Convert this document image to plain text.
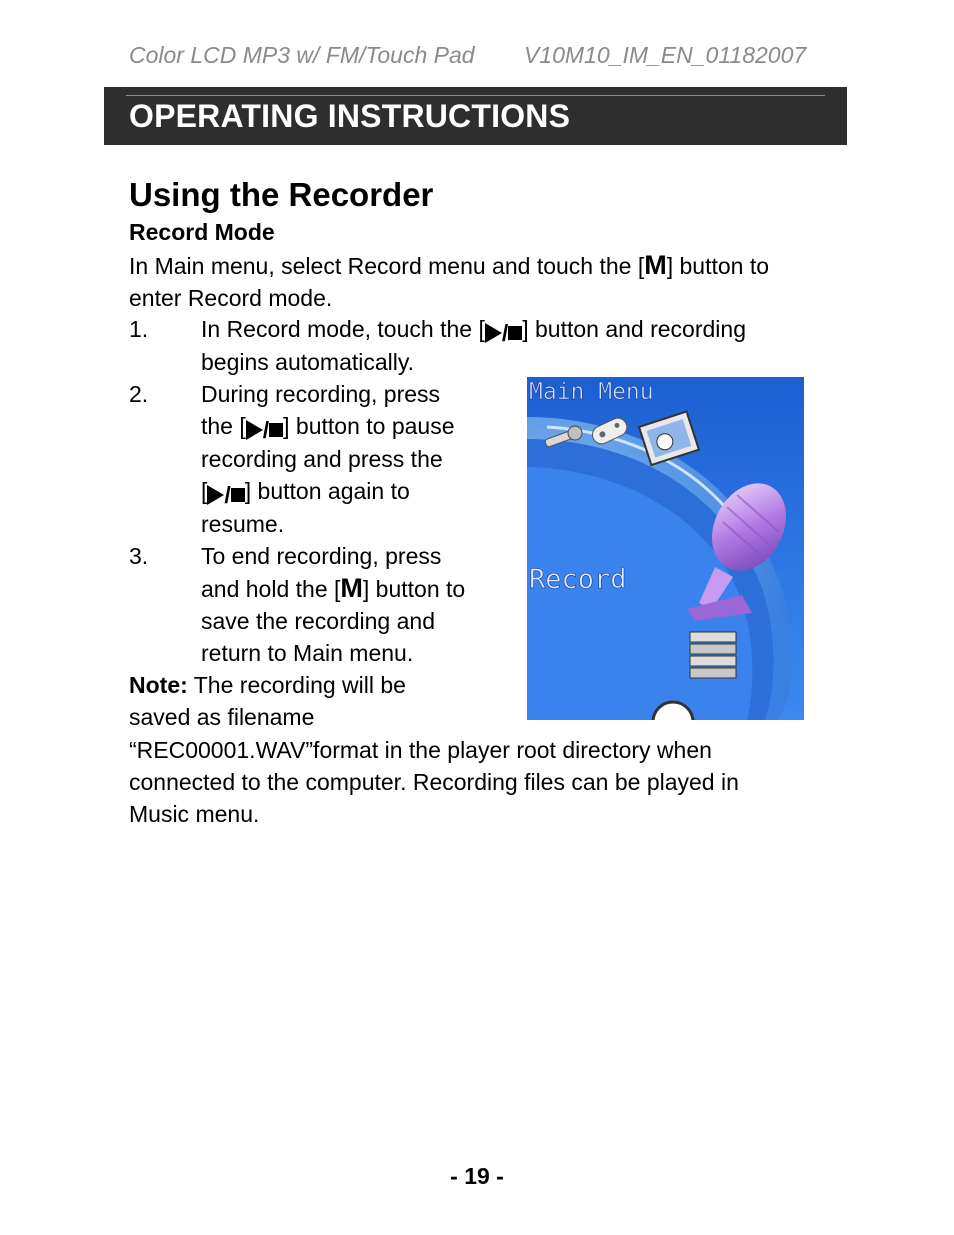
Color LCD MP3 w/ FM/Touch Pad V10M10_IM_EN_01182007
OPERATING INSTRUCTIONS
Using the Recorder
Record Mode
In Main menu, select Record menu and touch the [M] button to
enter Record mode.
1. In Record mode, touch the [ / ] button and recording
begins automatically.
2. During recording, press
the [ / ] button to pause
recording and press the
[ / ] button again to
resume.
3. To end recording, press
and hold the [M] button to
save the recording and
return to Main menu.
Note: The recording will be
saved as filename
“REC00001.WAV”format in the player root directory when
connected to the computer. Recording files can be played in
Music menu.
Main Menu
Record
- 19 -
